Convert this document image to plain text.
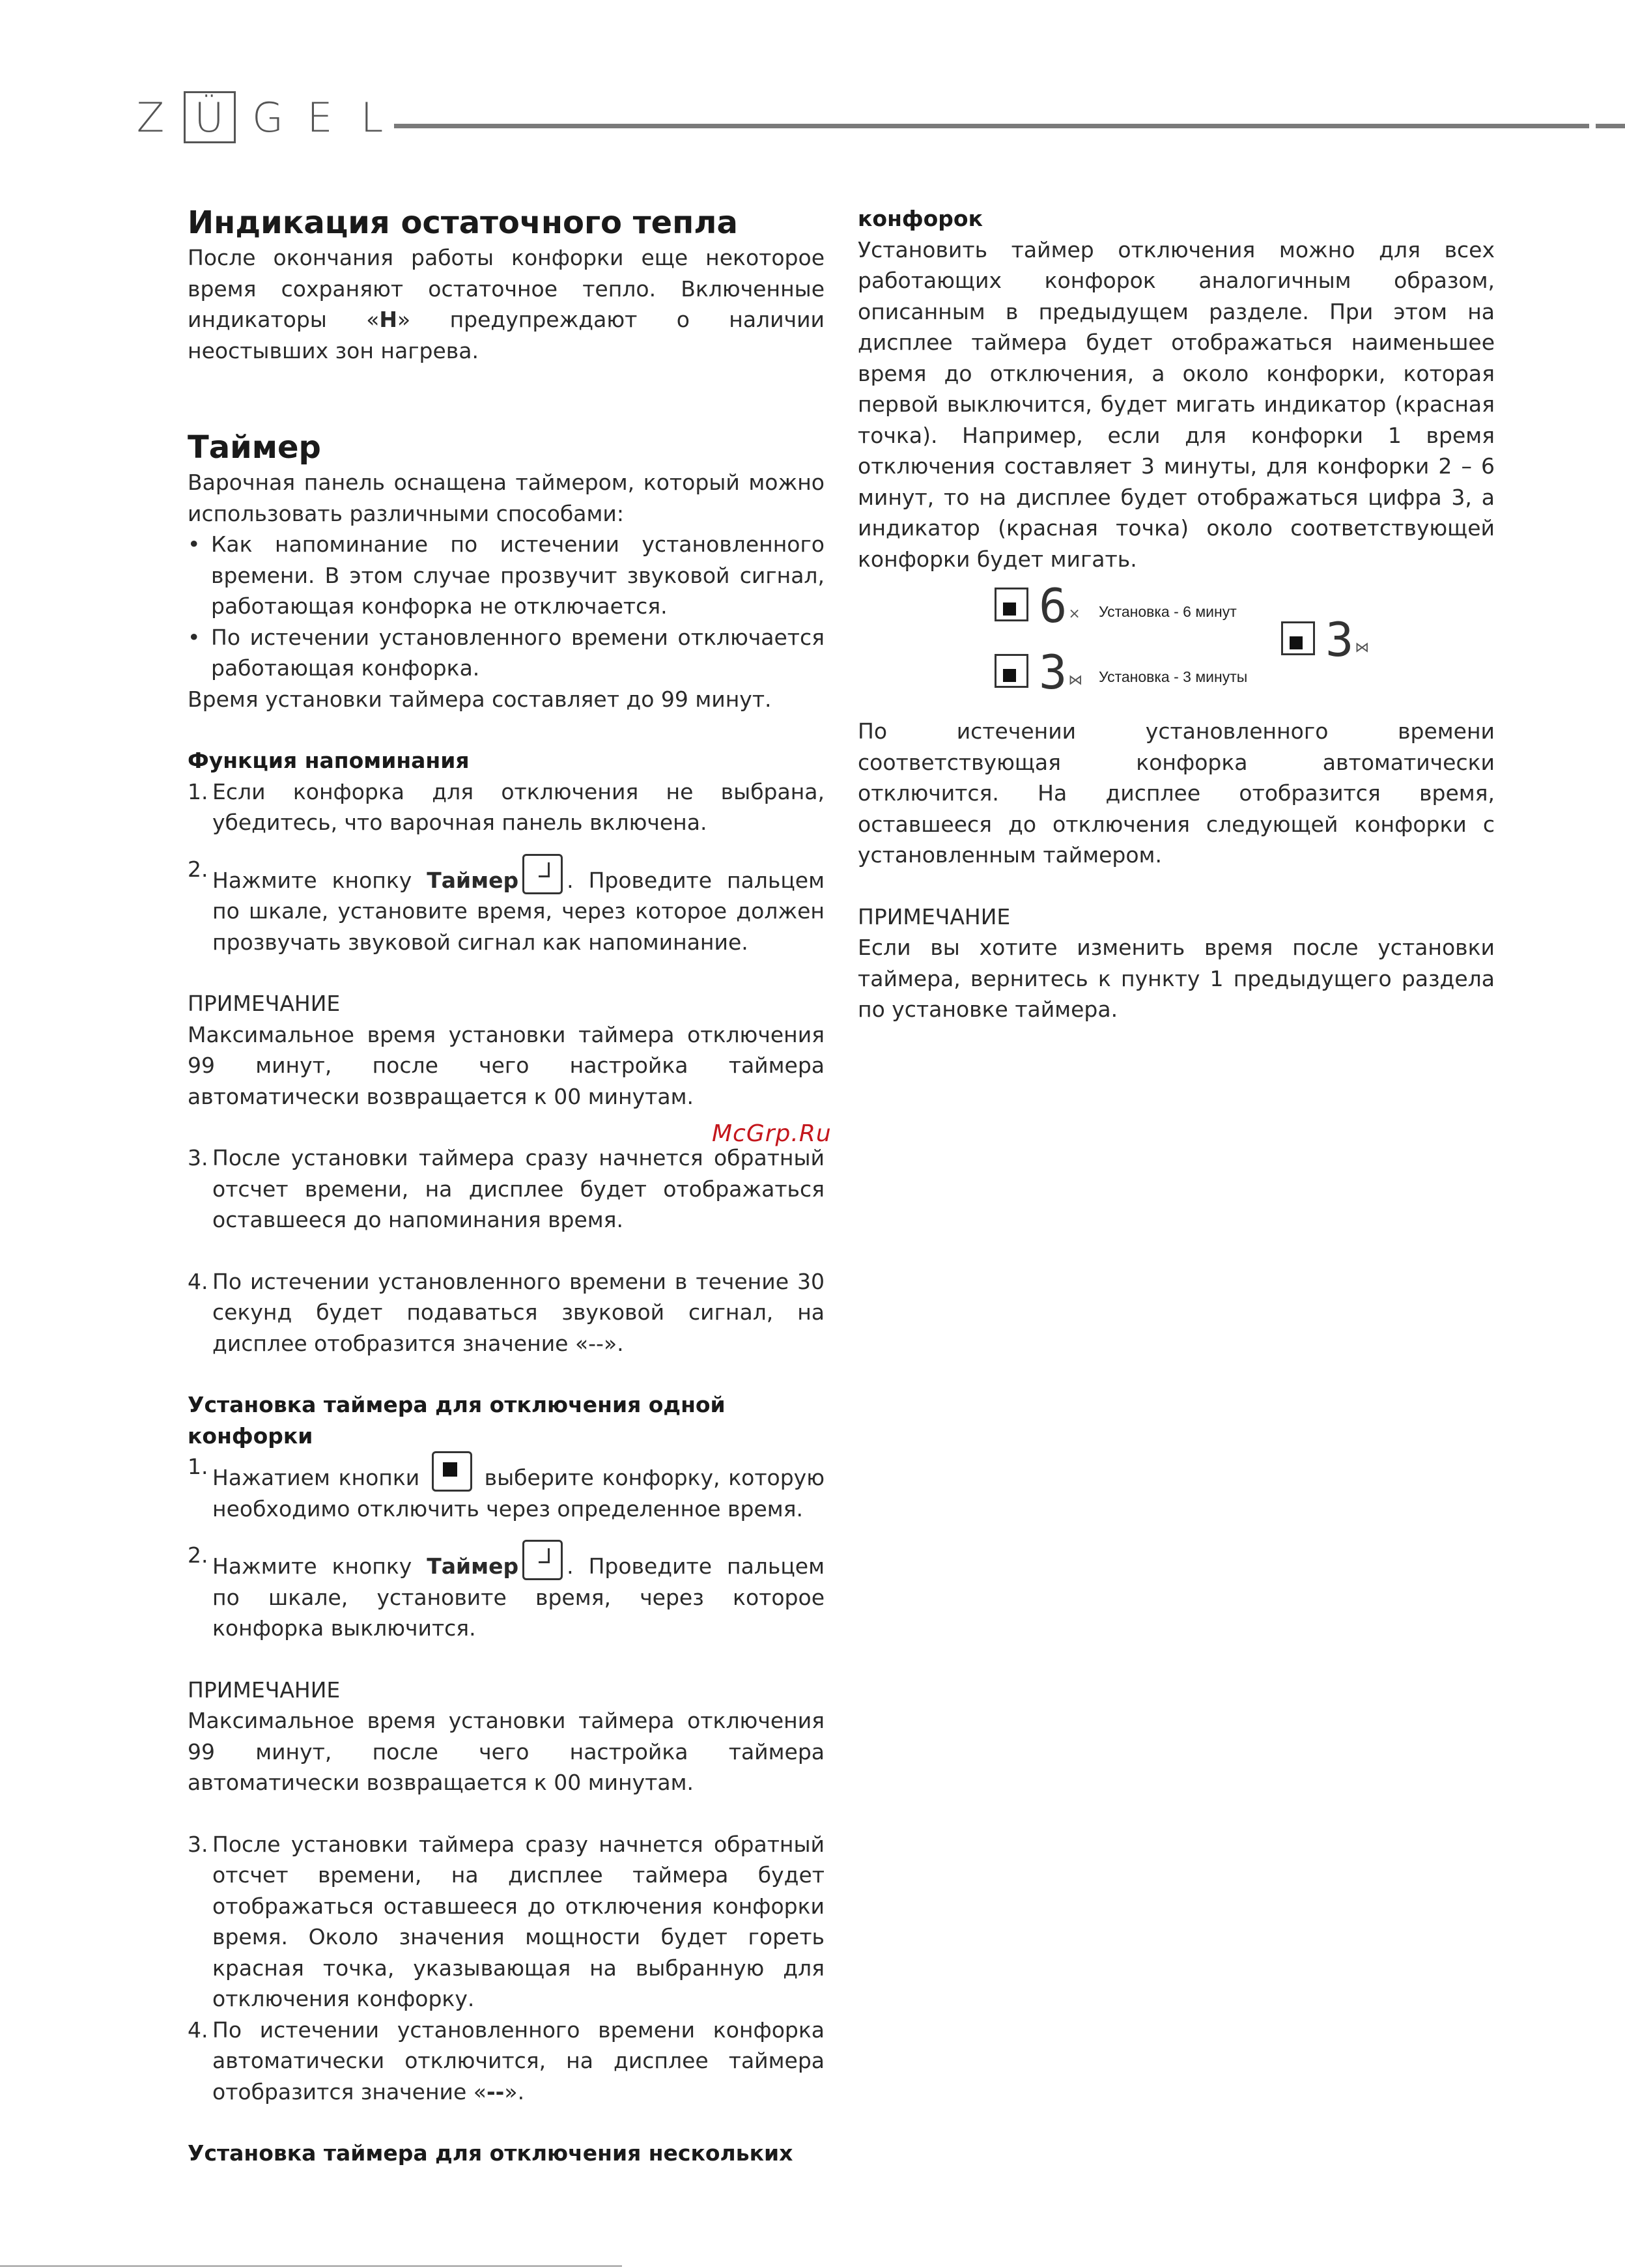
Z Ü G E L
Индикация остаточного тепла

После окончания работы конфорки еще некоторое время сохраняют остаточное тепло. Включенные индикаторы «H» предупреждают о наличии неостывших зон нагрева.

Таймер

Варочная панель оснащена таймером, который можно использовать различными способами:

• Как напоминание по истечении установленного времени. В этом случае прозвучит звуковой сигнал, работающая конфорка не отключается.
• По истечении установленного времени отключается работающая конфорка.

Время установки таймера составляет до 99 минут.

Функция напоминания
1. Если конфорка для отключения не выбрана, убедитесь, что варочная панель включена.
2. Нажмите кнопку Таймер . Проведите пальцем по шкале, установите время, через которое должен прозвучать звуковой сигнал как напоминание.

ПРИМЕЧАНИЕ

Максимальное время установки таймера отключения 99 минут, после чего настройка таймера автоматически возвращается к 00 минутам.

3. После установки таймера сразу начнется обратный отсчет времени, на дисплее будет отображаться оставшееся до напоминания время.
4. По истечении установленного времени в течение 30 секунд будет подаваться звуковой сигнал, на дисплее отобразится значение «--».
Установка таймера для отключения одной конфорки
1. Нажатием кнопки
выберите конфорку, которую необходимо отключить через определенное время.
2. Нажмите кнопку Таймер . Проведите пальцем по шкале, установите время, через которое конфорка выключится.

ПРИМЕЧАНИЕ

Максимальное время установки таймера отключения 99 минут, после чего настройка таймера автоматически возвращается к 00 минутам.

3. После установки таймера сразу начнется обратный отсчет времени, на дисплее таймера будет отображаться оставшееся до отключения конфорки время. Около значения мощности будет гореть красная точка, указывающая на выбранную для отключения конфорку.
4. По истечении установленного времени конфорка автоматически отключится, на дисплее таймера отобразится значение «--».
Установка таймера для отключения нескольких
конфорок

Установить таймер отключения можно для всех работающих конфорок аналогичным образом, описанным в предыдущем разделе. При этом на дисплее таймера будет отображаться наименьшее время до отключения, а около конфорки, которая первой выключится, будет мигать индикатор (красная точка). Например, если для конфорки 1 время отключения составляет 3 минуты, для конфорки 2 – 6 минут, то на дисплее будет отображаться цифра 3, а индикатор (красная точка) около соответствующей конфорки будет мигать.

6 ⨯ Установка - 6 минут
3 ⋈
3 ⋈ Установка - 3 минуты

По истечении установленного времени соответствующая конфорка автоматически отключится. На дисплее отобразится время, оставшееся до отключения следующей конфорки с установленным таймером.

ПРИМЕЧАНИЕ

Если вы хотите изменить время после установки таймера, вернитесь к пункту 1 предыдущего раздела по установке таймера.

McGrp.Ru
